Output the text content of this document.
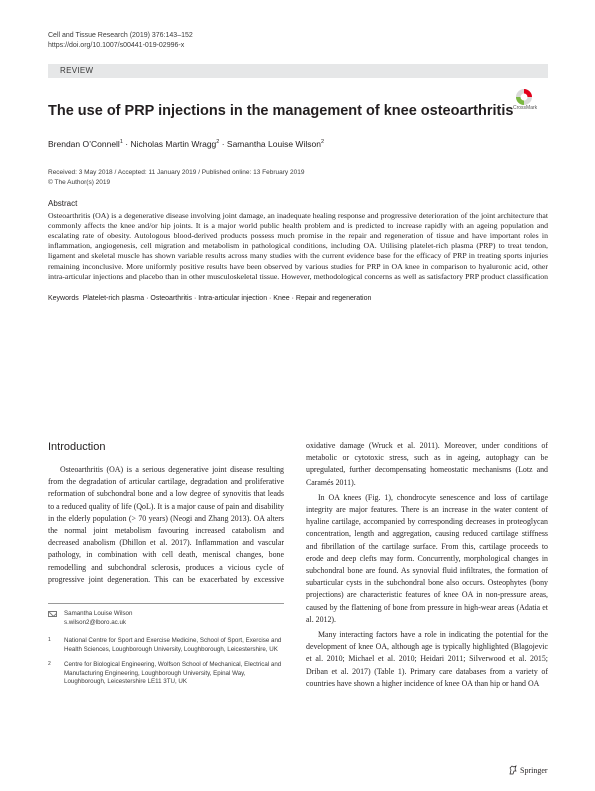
Cell and Tissue Research (2019) 376:143–152
https://doi.org/10.1007/s00441-019-02996-x
REVIEW
CrossMark
The use of PRP injections in the management of knee osteoarthritis
Brendan O’Connell$^1$ · Nicholas Martin Wragg$^2$ · Samantha Louise Wilson$^2$
Received: 3 May 2018 / Accepted: 11 January 2019 / Published online: 13 February 2019
© The Author(s) 2019
Abstract

Osteoarthritis (OA) is a degenerative disease involving joint damage, an inadequate healing response and progressive deterioration of the joint architecture that commonly affects the knee and/or hip joints. It is a major world public health problem and is predicted to increase rapidly with an ageing population and escalating rate of obesity. Autologous blood-derived products possess much promise in the repair and regeneration of tissue and have important roles in inflammation, angiogenesis, cell migration and metabolism in pathological conditions, including OA. Utilising platelet-rich plasma (PRP) to treat tendon, ligament and skeletal muscle has shown variable results across many studies with the current evidence base for the efficacy of PRP in treating sports injuries remaining inconclusive. More uniformly positive results have been observed by various studies for PRP in OA knee in comparison to hyaluronic acid, other intra-articular injections and placebo than in other musculoskeletal tissue. However, methodological concerns as well as satisfactory PRP product classification

Keywords Platelet-rich plasma · Osteoarthritis · Intra-articular injection · Knee · Repair and regeneration
Introduction

Osteoarthritis (OA) is a serious degenerative joint disease resulting from the degradation of articular cartilage, degradation and proliferative reformation of subchondral bone and a low degree of synovitis that leads to a reduced quality of life (QoL). It is a major cause of pain and disability in the elderly population (> 70 years) (Neogi and Zhang 2013). OA alters the normal joint metabolism favouring increased catabolism and decreased anabolism (Dhillon et al. 2017). Inflammation and vascular pathology, in combination with cell death, meniscal changes, bone remodelling and subchondral sclerosis, produces a vicious cycle of progressive joint degeneration. This can be exacerbated by excessive

oxidative damage (Wruck et al. 2011). Moreover, under conditions of metabolic or cytotoxic stress, such as in ageing, autophagy can be upregulated, further decompensating homeostatic mechanisms (Lotz and Caramés 2011).

In OA knees (Fig. 1), chondrocyte senescence and loss of cartilage integrity are major features. There is an increase in the water content of hyaline cartilage, accompanied by corresponding decreases in proteoglycan concentration, length and aggregation, causing reduced cartilage stiffness and fibrillation of the cartilage surface. From this, cartilage proceeds to erode and deep clefts may form. Concurrently, morphological changes in subchondral bone are found. As synovial fluid infiltrates, the formation of subarticular cysts in the subchondral bone also occurs. Osteophytes (bony projections) are characteristic features of knee OA in non-pressure areas, caused by the flattening of bone from pressure in high-wear areas (Adatia et al. 2012).

Many interacting factors have a role in indicating the potential for the development of knee OA, although age is typically highlighted (Blagojevic et al. 2010; Michael et al. 2010; Heidari 2011; Silverwood et al. 2015; Driban et al. 2017) (Table 1). Primary care databases from a variety of countries have shown a higher incidence of knee OA than hip or hand OA

Samantha Louise Wilson
s.wilson2@lboro.ac.uk
1 National Centre for Sport and Exercise Medicine, School of Sport, Exercise and Health Sciences, Loughborough University, Loughborough, Leicestershire, UK
2 Centre for Biological Engineering, Wolfson School of Mechanical, Electrical and Manufacturing Engineering, Loughborough University, Epinal Way, Loughborough, Leicestershire LE11 3TU, UK
Springer
